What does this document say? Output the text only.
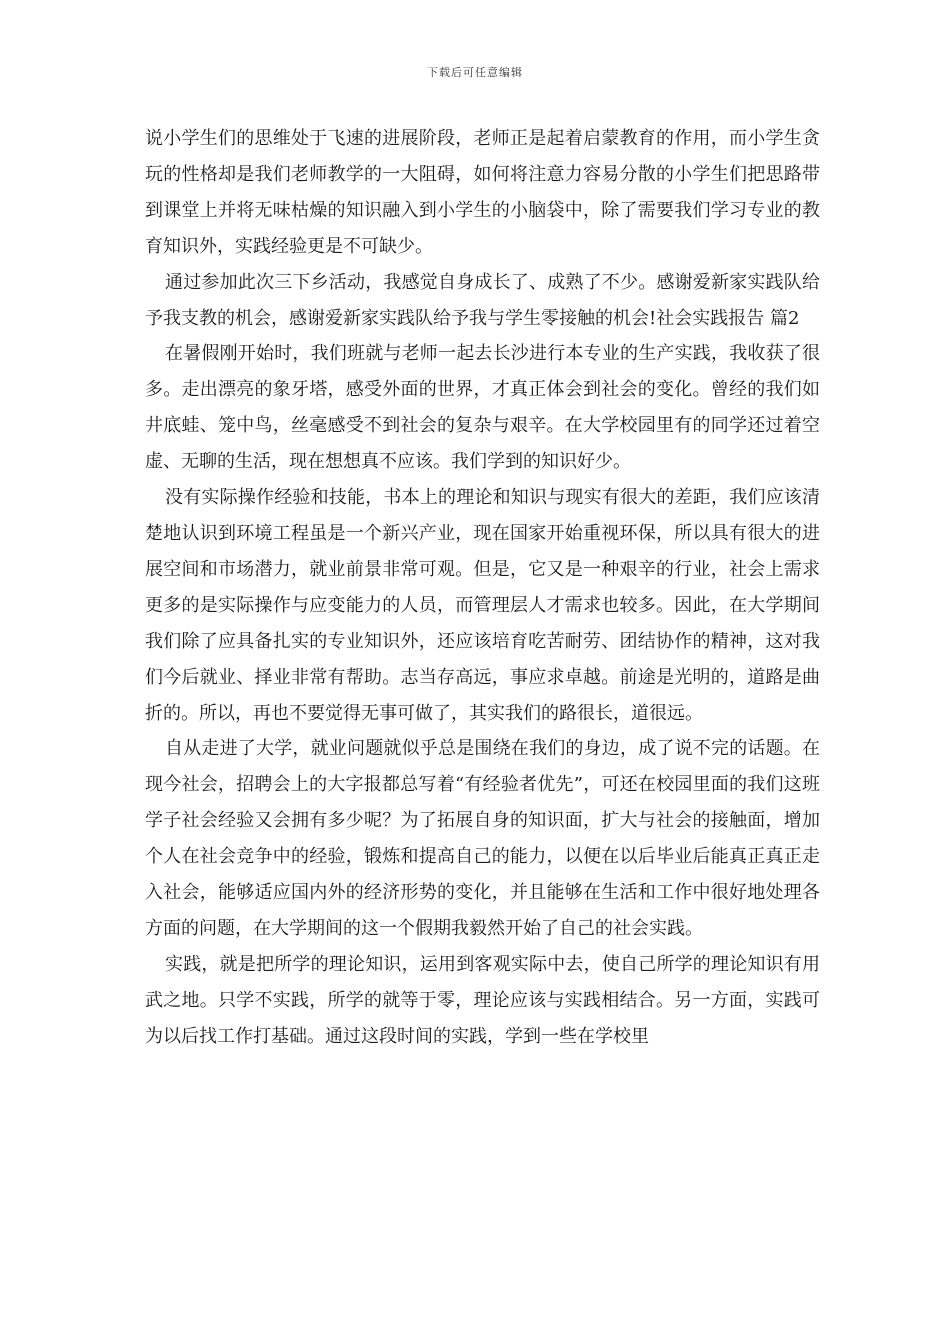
下载后可任意编辑

说小学生们的思维处于飞速的进展阶段，老师正是起着启蒙教育的作用，而小学生贪玩的性格却是我们老师教学的一大阻碍，如何将注意力容易分散的小学生们把思路带到课堂上并将无味枯燥的知识融入到小学生的小脑袋中，除了需要我们学习专业的教育知识外，实践经验更是不可缺少。

通过参加此次三下乡活动，我感觉自身成长了、成熟了不少。感谢爱新家实践队给予我支教的机会，感谢爱新家实践队给予我与学生零接触的机会!社会实践报告 篇2

在暑假刚开始时，我们班就与老师一起去长沙进行本专业的生产实践，我收获了很多。走出漂亮的象牙塔，感受外面的世界，才真正体会到社会的变化。曾经的我们如井底蛙、笼中鸟，丝毫感受不到社会的复杂与艰辛。在大学校园里有的同学还过着空虚、无聊的生活，现在想想真不应该。我们学到的知识好少。

没有实际操作经验和技能，书本上的理论和知识与现实有很大的差距，我们应该清楚地认识到环境工程虽是一个新兴产业，现在国家开始重视环保，所以具有很大的进展空间和市场潜力，就业前景非常可观。但是，它又是一种艰辛的行业，社会上需求更多的是实际操作与应变能力的人员，而管理层人才需求也较多。因此，在大学期间我们除了应具备扎实的专业知识外，还应该培育吃苦耐劳、团结协作的精神，这对我们今后就业、择业非常有帮助。志当存高远，事应求卓越。前途是光明的，道路是曲折的。所以，再也不要觉得无事可做了，其实我们的路很长，道很远。

自从走进了大学，就业问题就似乎总是围绕在我们的身边，成了说不完的话题。在现今社会，招聘会上的大字报都总写着“有经验者优先”，可还在校园里面的我们这班学子社会经验又会拥有多少呢？为了拓展自身的知识面，扩大与社会的接触面，增加个人在社会竞争中的经验，锻炼和提高自己的能力，以便在以后毕业后能真正真正走入社会，能够适应国内外的经济形势的变化，并且能够在生活和工作中很好地处理各方面的问题，在大学期间的这一个假期我毅然开始了自己的社会实践。

实践，就是把所学的理论知识，运用到客观实际中去，使自己所学的理论知识有用武之地。只学不实践，所学的就等于零，理论应该与实践相结合。另一方面，实践可为以后找工作打基础。通过这段时间的实践，学到一些在学校里
